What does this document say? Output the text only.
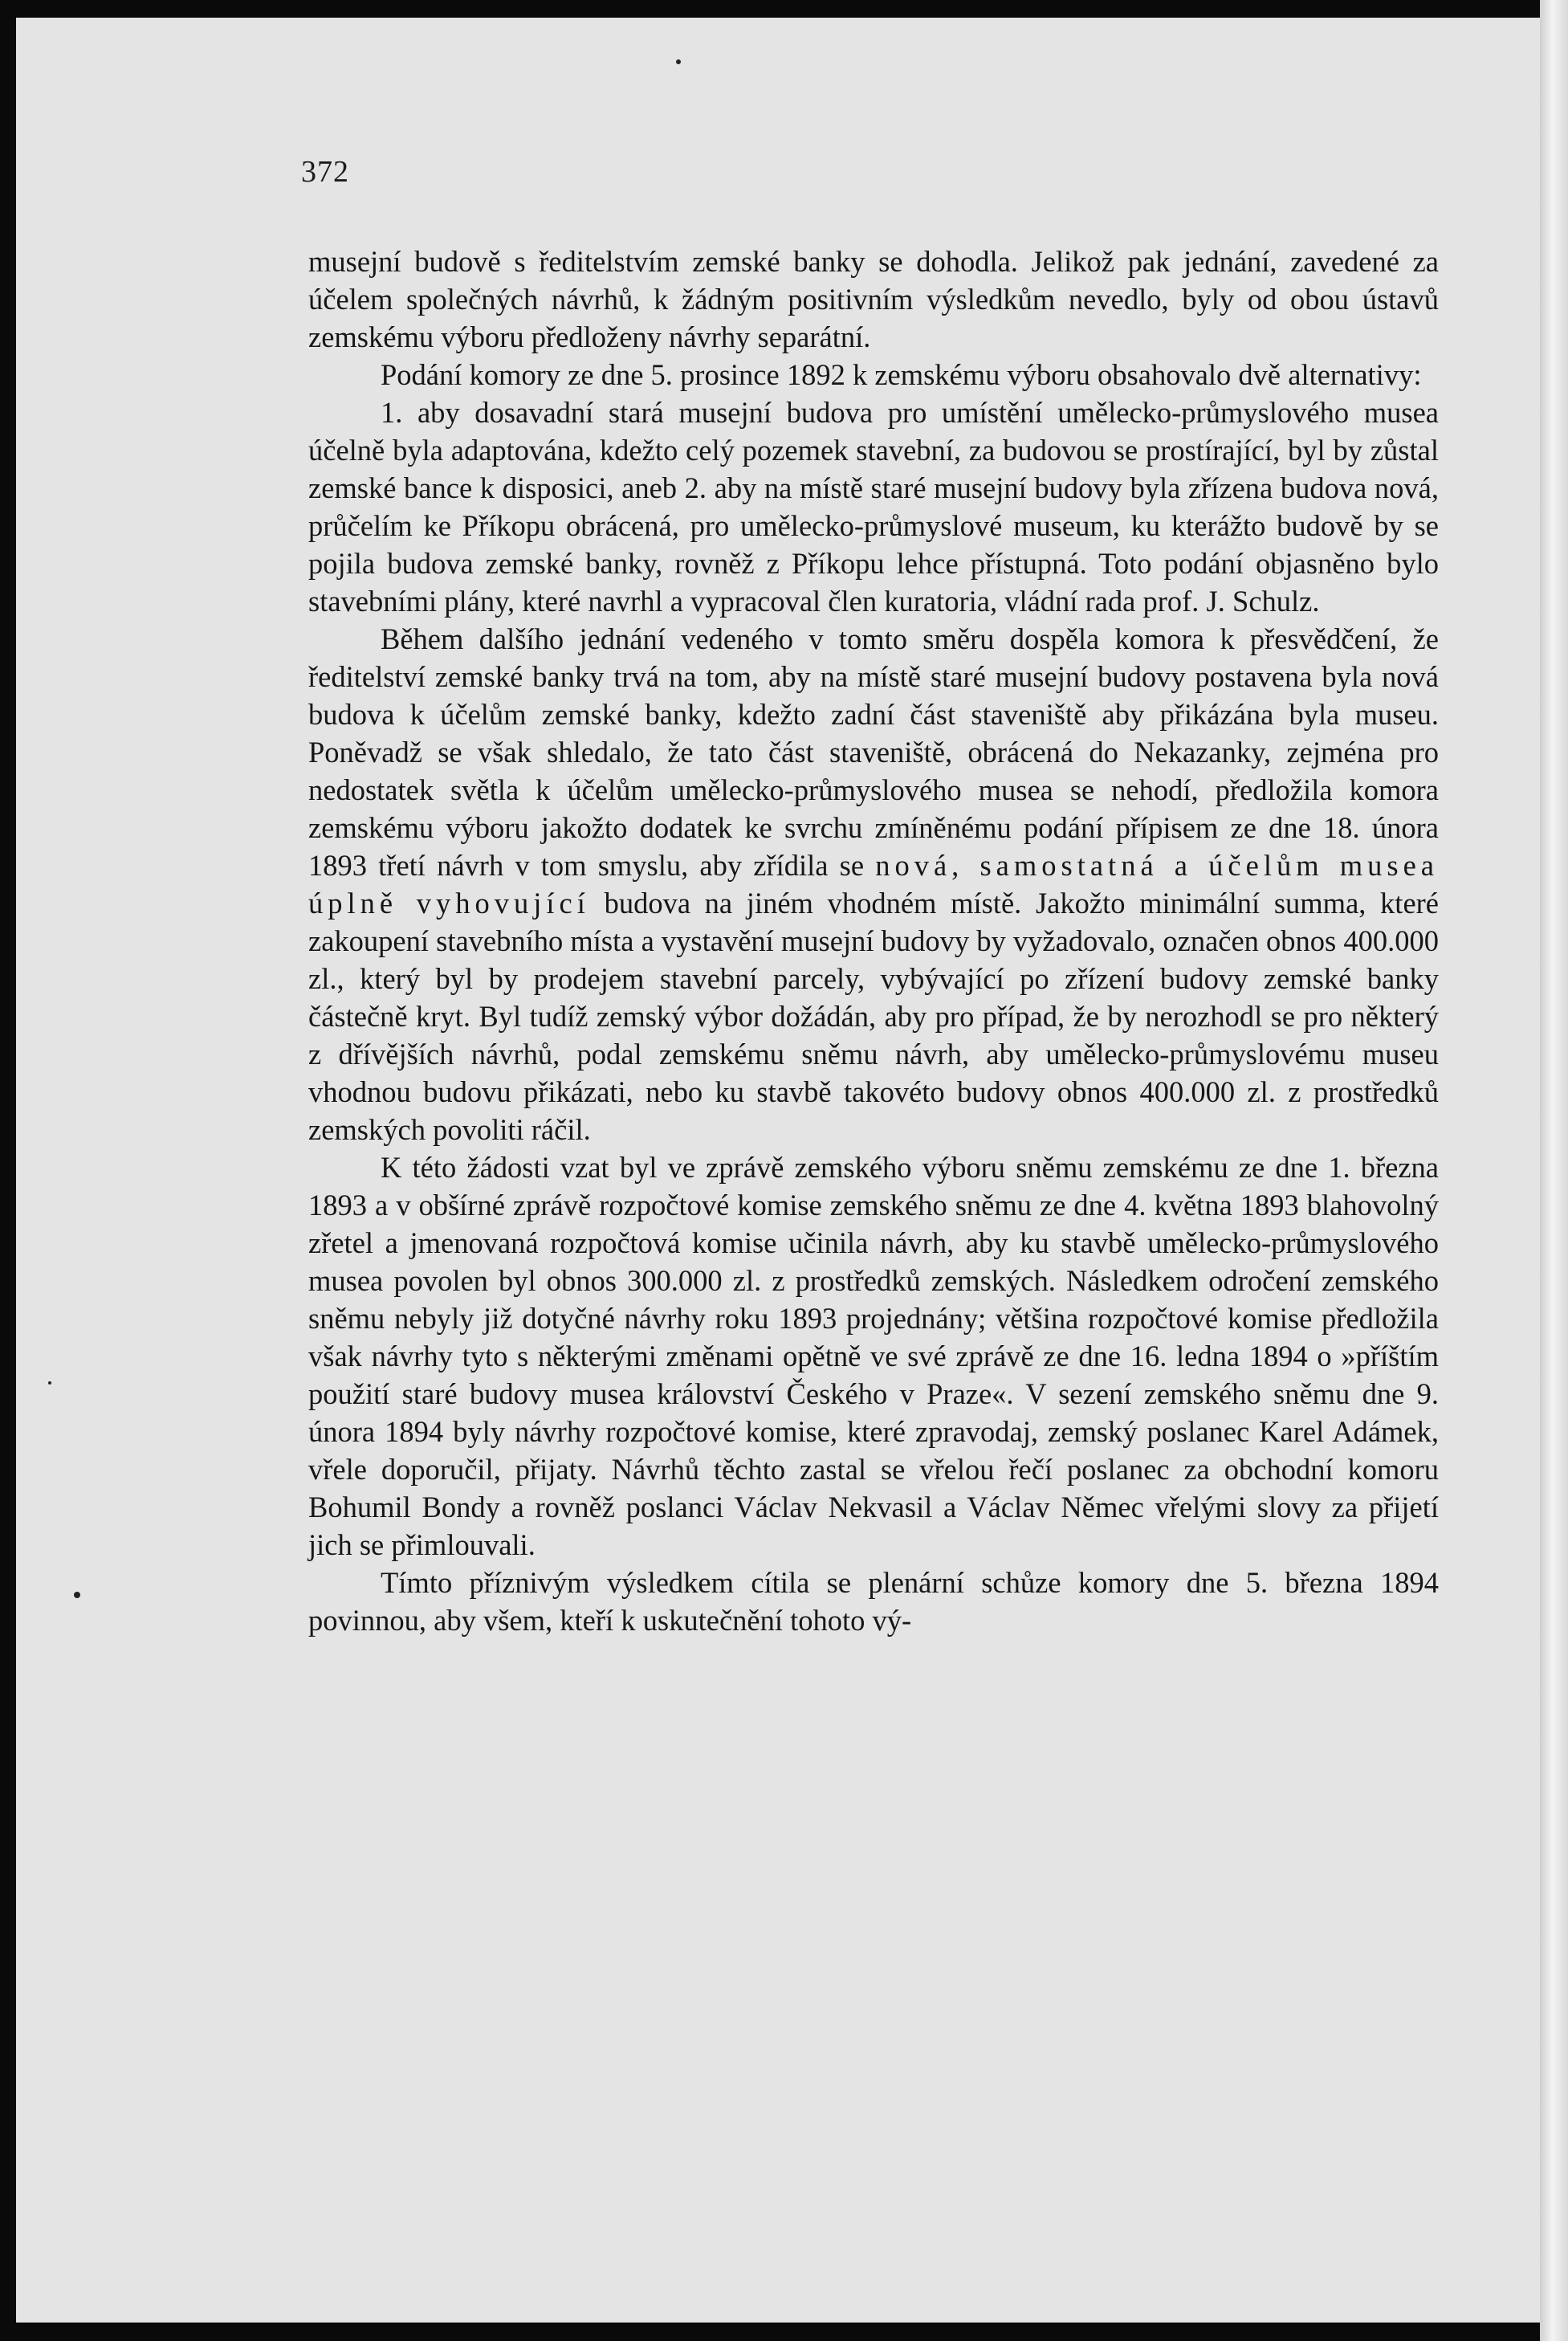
372

musejní budově s ředitelstvím zemské banky se dohodla. Jelikož pak jednání, zavedené za účelem společných návrhů, k žádným positivním výsledkům nevedlo, byly od obou ústavů zemskému výboru předloženy návrhy separátní.

Podání komory ze dne 5. prosince 1892 k zemskému výboru obsahovalo dvě alternativy:

1. aby dosavadní stará musejní budova pro umístění umělecko-průmyslového musea účelně byla adaptována, kdežto celý pozemek stavební, za budovou se prostírající, byl by zůstal zemské bance k disposici, aneb 2. aby na místě staré musejní budovy byla zřízena budova nová, průčelím ke Příkopu obrácená, pro umělecko-průmyslové museum, ku kterážto budově by se pojila budova zemské banky, rovněž z Příkopu lehce přístupná. Toto podání objasněno bylo stavebními plány, které navrhl a vypracoval člen kuratoria, vládní rada prof. J. Schulz.

Během dalšího jednání vedeného v tomto směru dospěla komora k přesvědčení, že ředitelství zemské banky trvá na tom, aby na místě staré musejní budovy postavena byla nová budova k účelům zemské banky, kdežto zadní část staveniště aby přikázána byla museu. Poněvadž se však shledalo, že tato část staveniště, obrácená do Nekazanky, zejména pro nedostatek světla k účelům umělecko-průmyslového musea se nehodí, předložila komora zemskému výboru jakožto dodatek ke svrchu zmíněnému podání přípisem ze dne 18. února 1893 třetí návrh v tom smyslu, aby zřídila se nová, samostatná a účelům musea úplně vyhovující budova na jiném vhodném místě. Jakožto minimální summa, které zakoupení stavebního místa a vystavění musejní budovy by vyžadovalo, označen obnos 400.000 zl., který byl by prodejem stavební parcely, vybývající po zřízení budovy zemské banky částečně kryt. Byl tudíž zemský výbor dožádán, aby pro případ, že by nerozhodl se pro některý z dřívějších návrhů, podal zemskému sněmu návrh, aby umělecko-průmyslovému museu vhodnou budovu přikázati, nebo ku stavbě takovéto budovy obnos 400.000 zl. z prostředků zemských povoliti ráčil.

K této žádosti vzat byl ve zprávě zemského výboru sněmu zemskému ze dne 1. března 1893 a v obšírné zprávě rozpočtové komise zemského sněmu ze dne 4. května 1893 blahovolný zřetel a jmenovaná rozpočtová komise učinila návrh, aby ku stavbě umělecko-průmyslového musea povolen byl obnos 300.000 zl. z prostředků zemských. Následkem odročení zemského sněmu nebyly již dotyčné návrhy roku 1893 projednány; většina rozpočtové komise předložila však návrhy tyto s některými změnami opětně ve své zprávě ze dne 16. ledna 1894 o »příštím použití staré budovy musea království Českého v Praze«. V sezení zemského sněmu dne 9. února 1894 byly návrhy rozpočtové komise, které zpravodaj, zemský poslanec Karel Adámek, vřele doporučil, přijaty. Návrhů těchto zastal se vřelou řečí poslanec za obchodní komoru Bohumil Bondy a rovněž poslanci Václav Nekvasil a Václav Němec vřelými slovy za přijetí jich se přimlouvali.

Tímto příznivým výsledkem cítila se plenární schůze komory dne 5. března 1894 povinnou, aby všem, kteří k uskutečnění tohoto vý-
